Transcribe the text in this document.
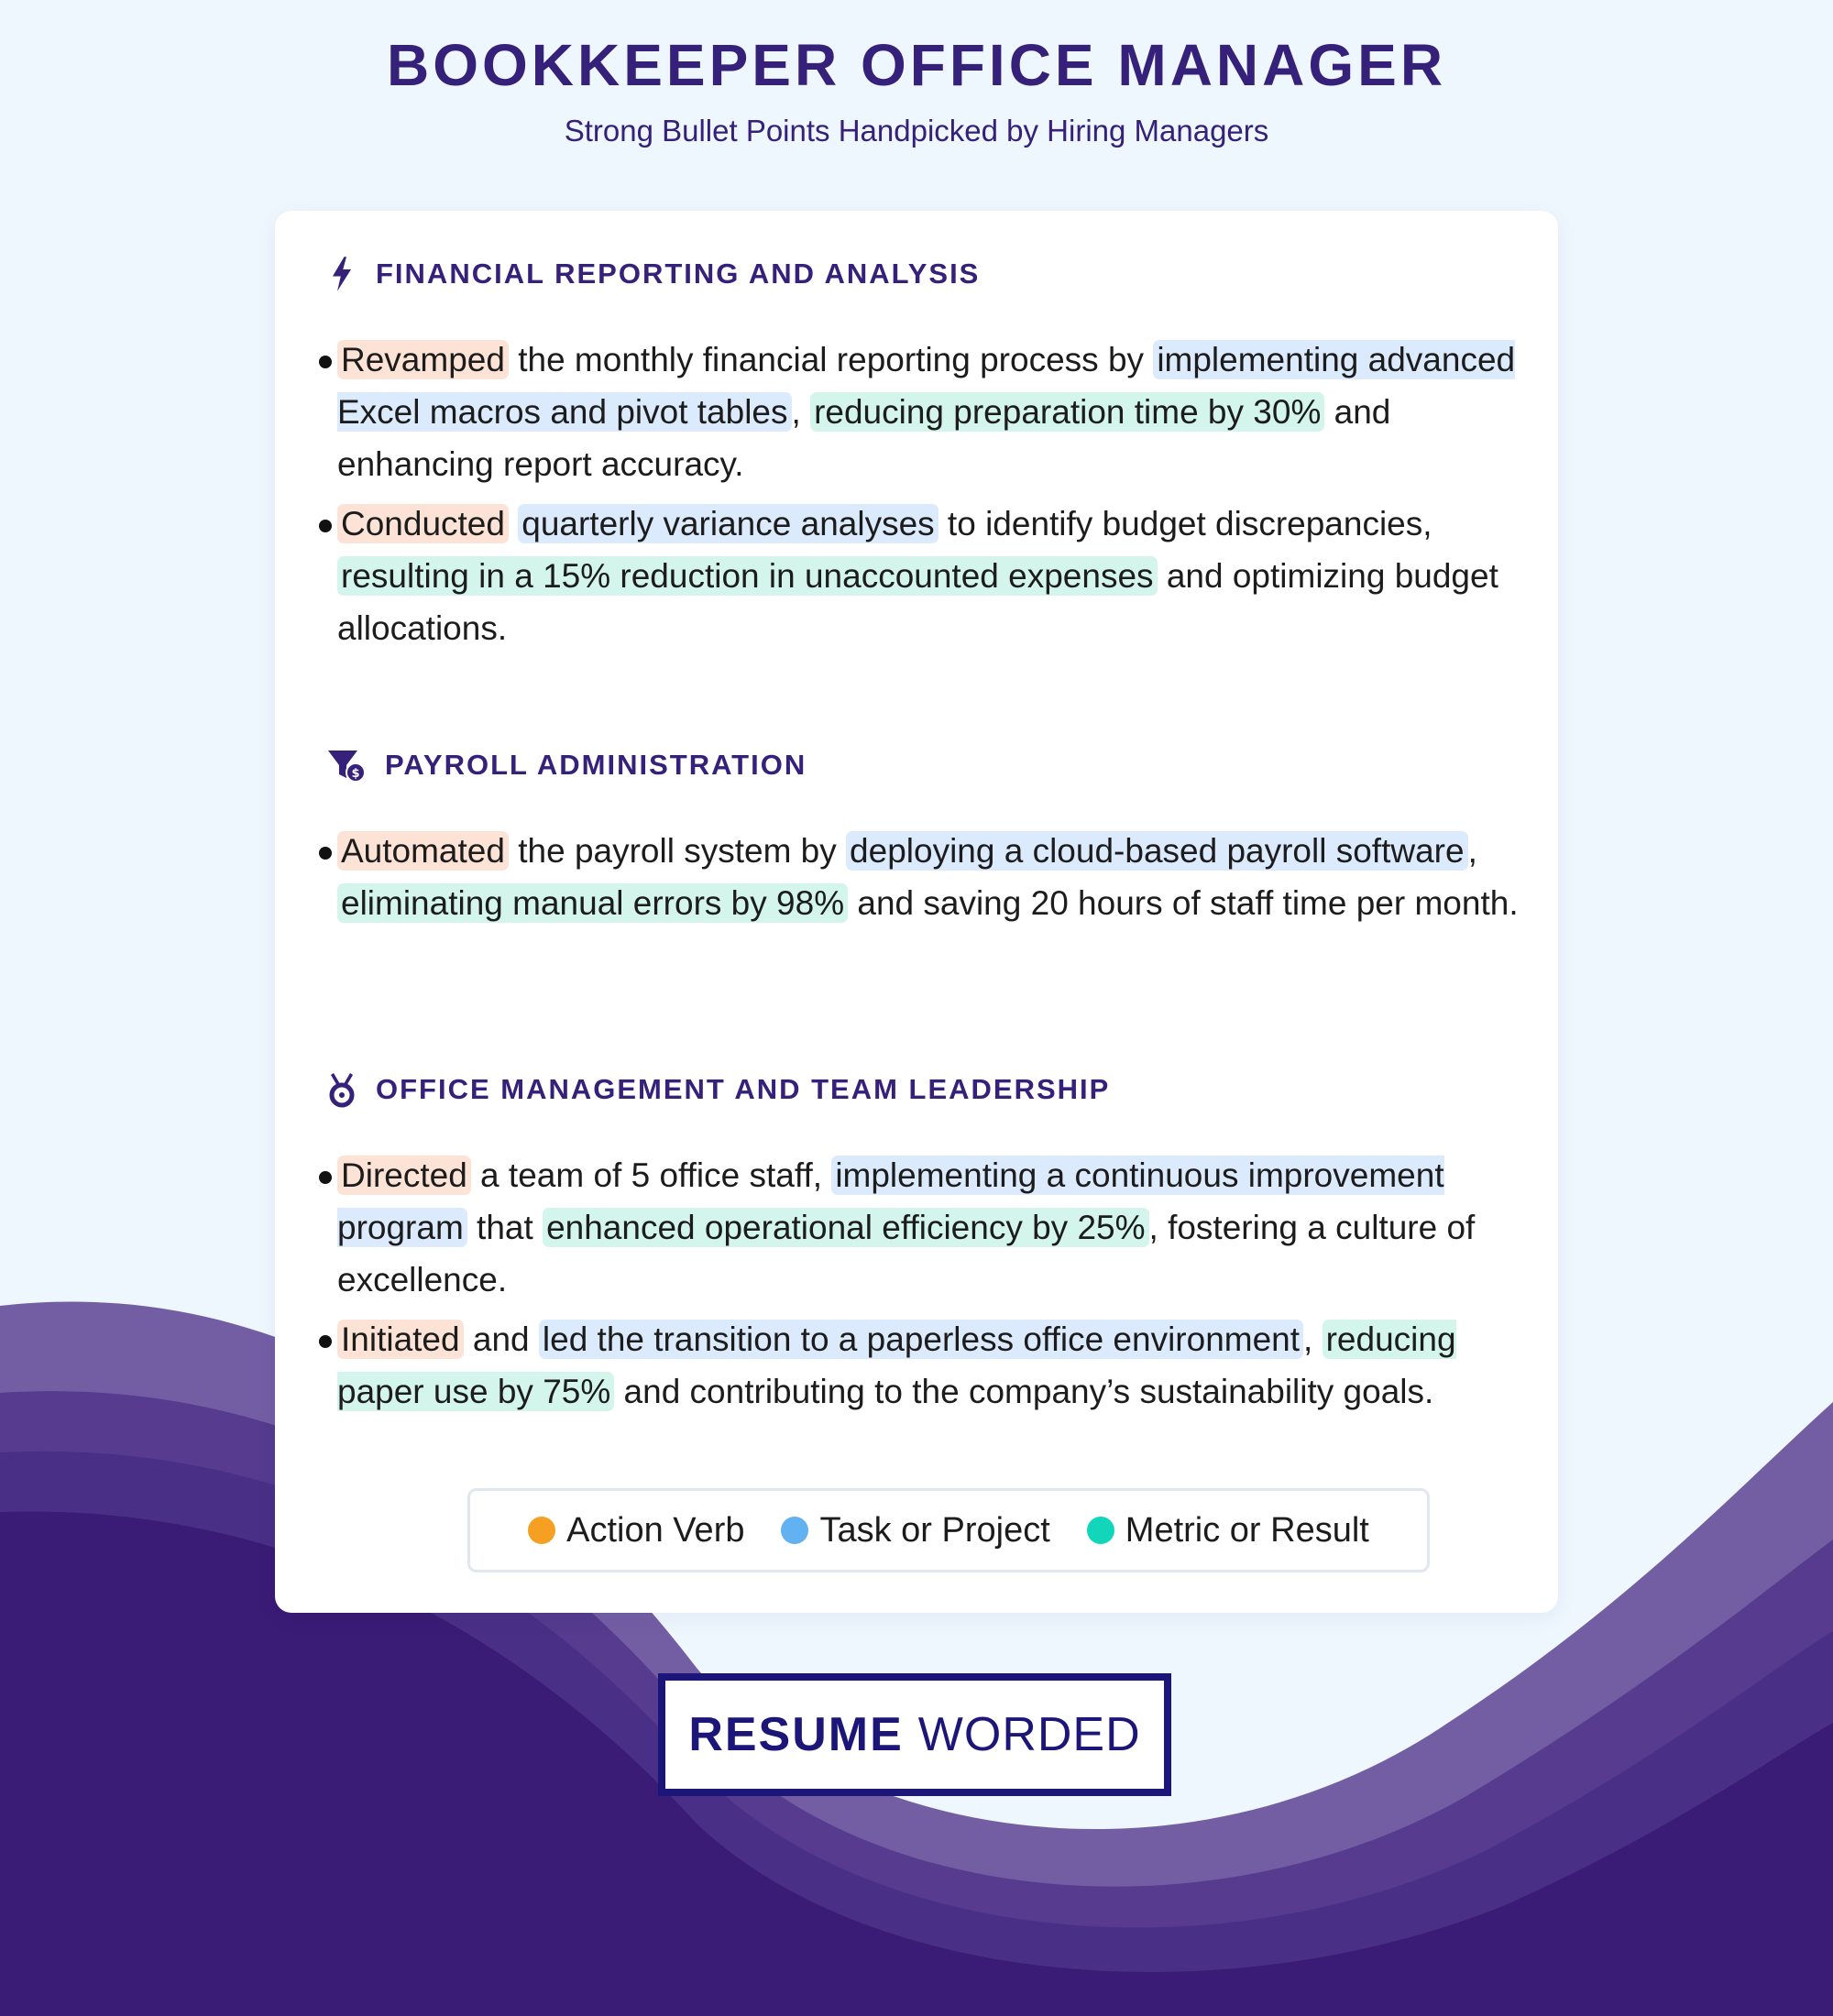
BOOKKEEPER OFFICE MANAGER

Strong Bullet Points Handpicked by Hiring Managers

FINANCIAL REPORTING AND ANALYSIS
Revamped the monthly financial reporting process by implementing advanced Excel macros and pivot tables , reducing preparation time by 30% and enhancing report accuracy.
Conducted quarterly variance analyses to identify budget discrepancies, resulting in a 15% reduction in unaccounted expenses and optimizing budget allocations.
$ PAYROLL ADMINISTRATION
Automated the payroll system by deploying a cloud-based payroll software , eliminating manual errors by 98% and saving 20 hours of staff time per month.
OFFICE MANAGEMENT AND TEAM LEADERSHIP
Directed a team of 5 office staff, implementing a continuous improvement program that enhanced operational efficiency by 25% , fostering a culture of excellence.
Initiated and led the transition to a paperless office environment , reducing paper use by 75% and contributing to the company’s sustainability goals.
Action Verb Task or Project Metric or Result
RESUME WORDED
